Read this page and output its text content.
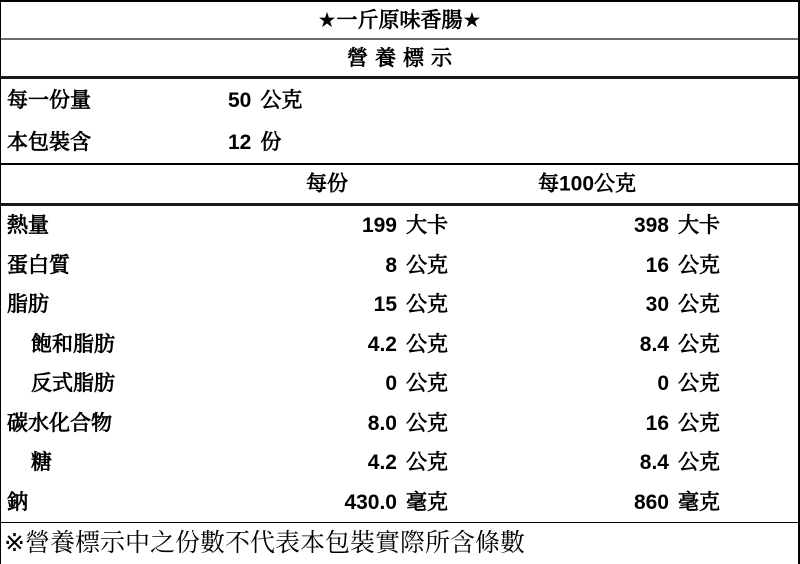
★一斤原味香腸★
營養標示
每一份量	50 公克
本包裝含	12 份
每份	每100公克
熱量	199 大卡	398 大卡
蛋白質	8 公克	16 公克
脂肪	15 公克	30 公克
飽和脂肪	4.2 公克	8.4 公克
反式脂肪	0 公克	0 公克
碳水化合物	8.0 公克	16 公克
糖	4.2 公克	8.4 公克
鈉	430.0 毫克	860 毫克
※營養標示中之份數不代表本包裝實際所含條數
